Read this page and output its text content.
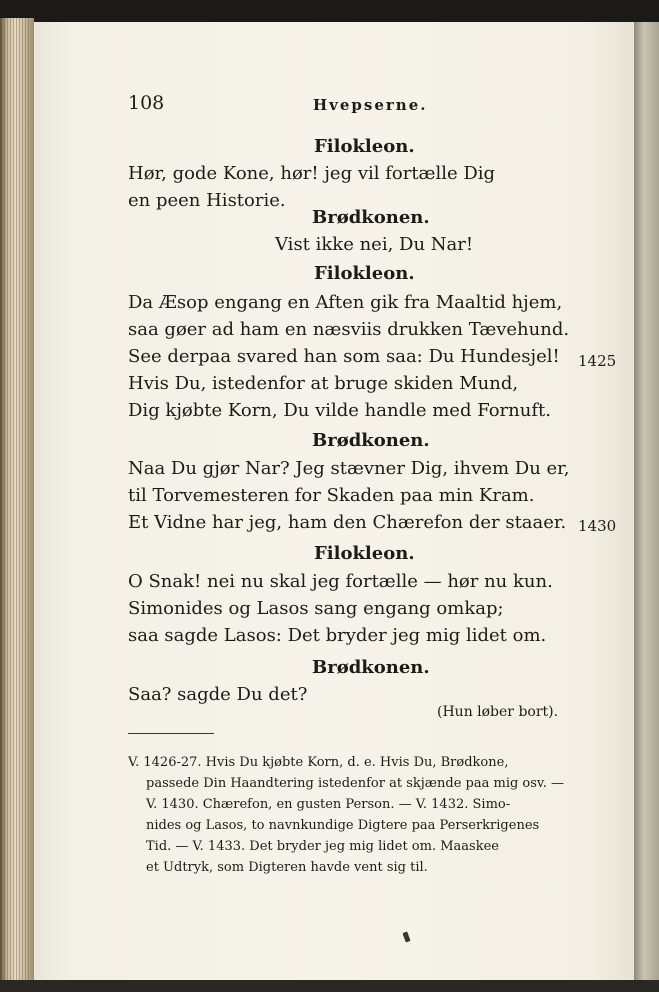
108	Hvepserne.
Filokleon.
Hør, gode Kone, hør! jeg vil fortælle Dig
en peen Historie.
Brødkonen.
Vist ikke nei, Du Nar!
Filokleon.
Da Æsop engang en Aften gik fra Maaltid hjem,
saa gøer ad ham en næsviis drukken Tævehund.
See derpaa svared han som saa: Du Hundesjel! 1425
Hvis Du, istedenfor at bruge skiden Mund,
Dig kjøbte Korn, Du vilde handle med Fornuft.
Brødkonen.
Naa Du gjør Nar? Jeg stævner Dig, ihvem Du er,
til Torvemesteren for Skaden paa min Kram.
Et Vidne har jeg, ham den Chærefon der staaer. 1430
Filokleon.
O Snak! nei nu skal jeg fortælle — hør nu kun.
Simonides og Lasos sang engang omkap;
saa sagde Lasos: Det bryder jeg mig lidet om.
Brødkonen.
Saa? sagde Du det?
(Hun løber bort).
V. 1426-27. Hvis Du kjøbte Korn, d. e. Hvis Du, Brødkone,
passede Din Haandtering istedenfor at skjænde paa mig osv. —
V. 1430. Chærefon, en gusten Person. — V. 1432. Simo-
nides og Lasos, to navnkundige Digtere paa Perserkrigenes
Tid. — V. 1433. Det bryder jeg mig lidet om. Maaskee
et Udtryk, som Digteren havde vent sig til.
